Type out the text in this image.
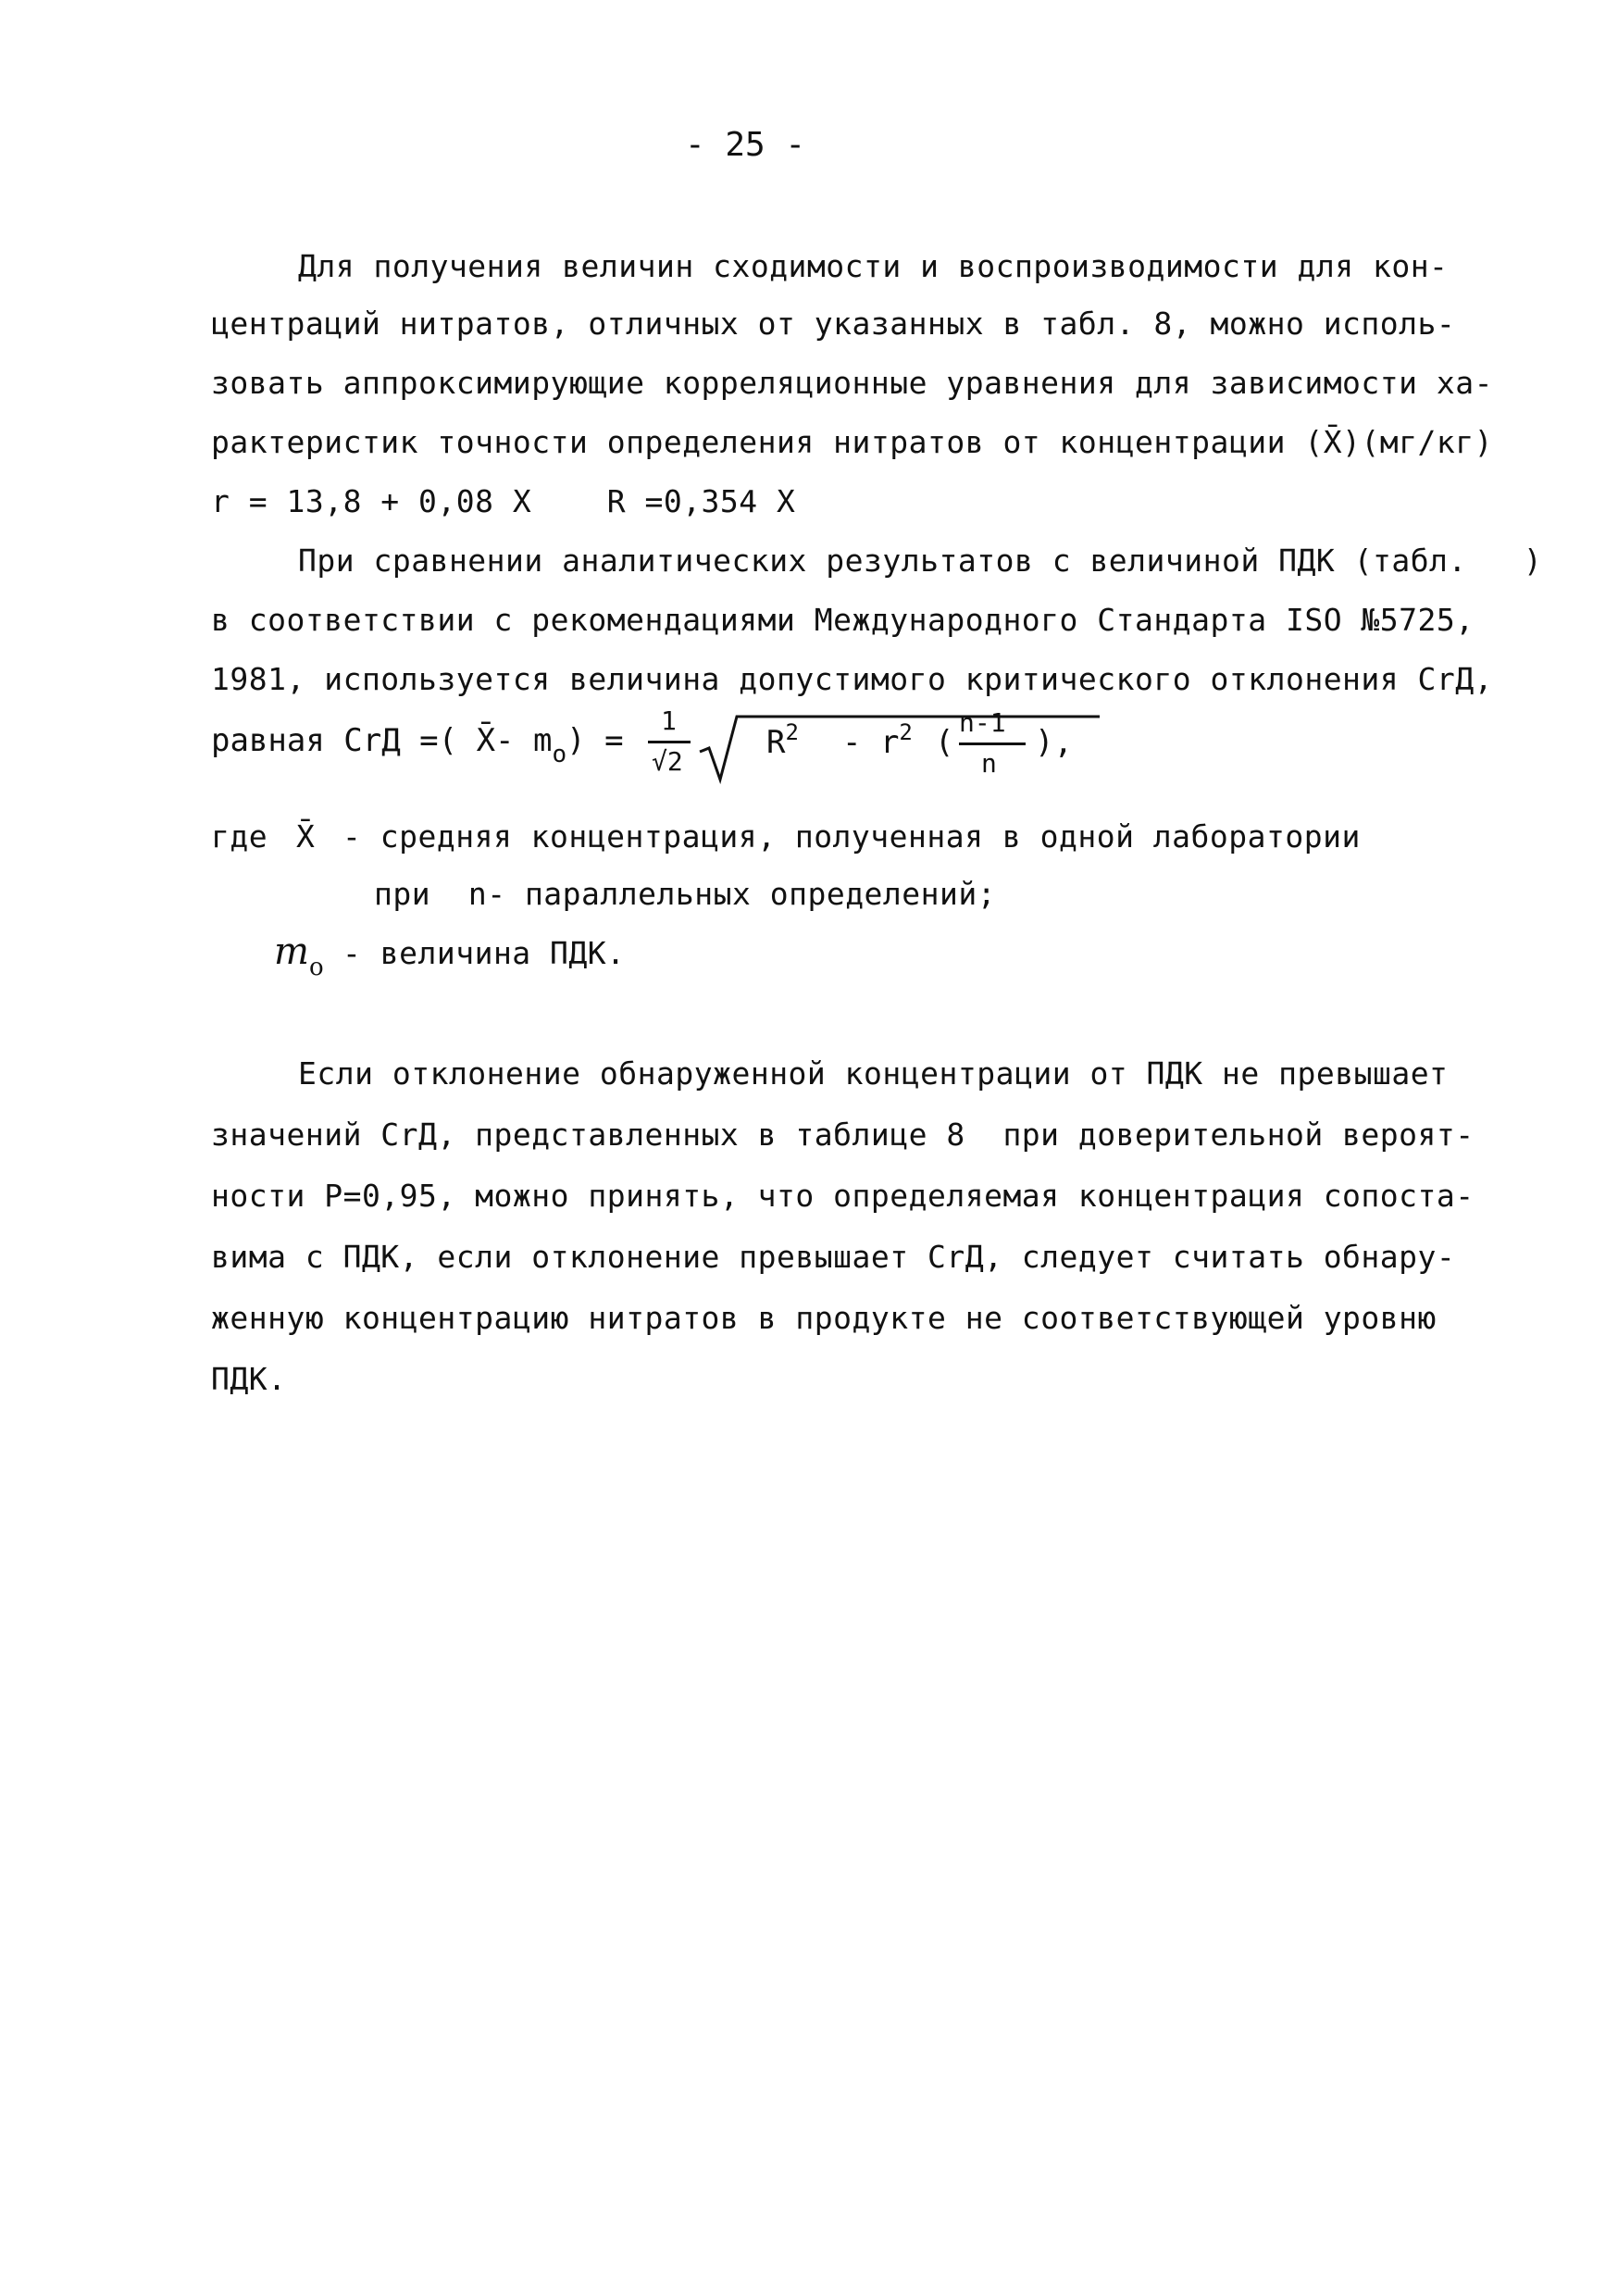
- 25 -
Для получения величин сходимости и воспроизводимости для кон-
центраций нитратов, отличных от указанных в табл. 8, можно исполь-
зовать аппроксимирующие корреляционные уравнения для зависимости ха-
рактеристик точности определения нитратов от концентрации (X̄)(мг/кг)
r = 13,8 + 0,08 X    R =0,354 X
При сравнении аналитических результатов с величиной ПДК (табл.   )
в соответствии с рекомендациями Международного Стандарта ISO №5725,
1981, используется величина допустимого критического отклонения CrД,
равная CrД =( X̄- $m_o$) =
1
√2
$R^2 - r^2$ (
n-1
n
),
где X̄ - средняя концентрация, полученная в одной лаборатории
при  n- параллельных определений;
$m_o$ - величина ПДК.
Если отклонение обнаруженной концентрации от ПДК не превышает
значений CrД, представленных в таблице 8  при доверительной вероят-
ности P=0,95, можно принять, что определяемая концентрация сопоста-
вима с ПДК, если отклонение превышает CrД, следует считать обнару-
женную концентрацию нитратов в продукте не соответствующей уровню
ПДК.
